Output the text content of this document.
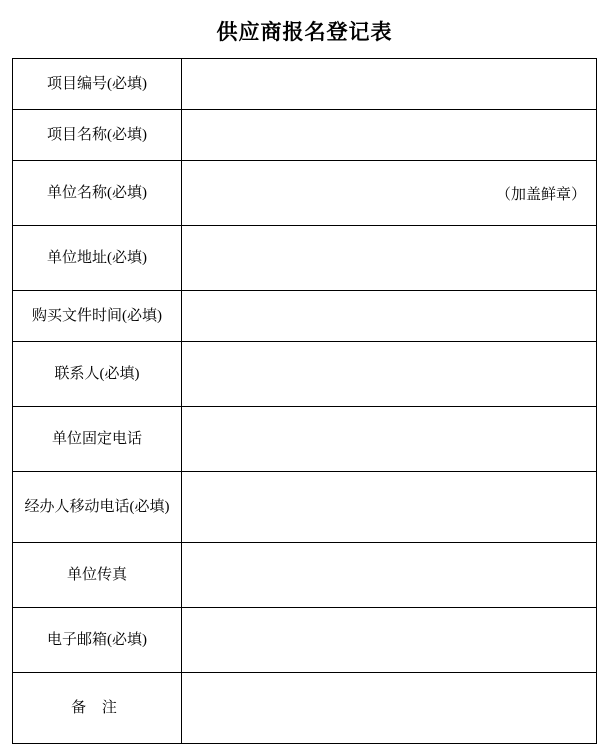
供应商报名登记表
项目编号(必填)	
项目名称(必填)	
单位名称(必填)	（加盖鲜章）

单位地址(必填)	
购买文件时间(必填)	
联系人(必填)	
单位固定电话	
经办人移动电话(必填)	
单位传真	
电子邮箱(必填)	
备 注	
